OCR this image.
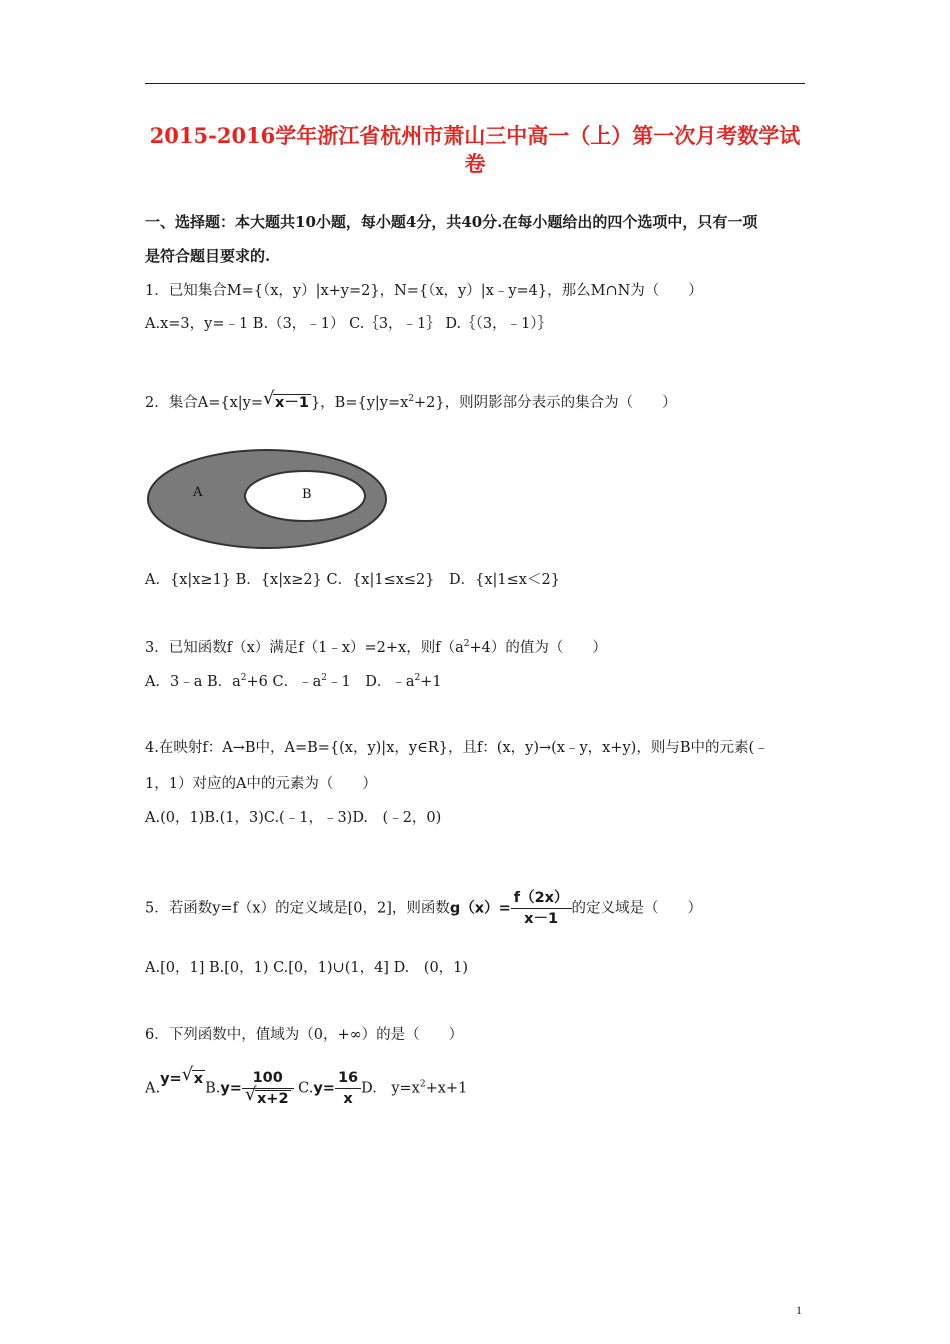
2015-2016学年浙江省杭州市萧山三中高一（上）第一次月考数学试
卷
一、选择题：本大题共10小题，每小题4分，共40分.在每小题给出的四个选项中，只有一项
是符合题目要求的.
1．已知集合M={（x，y）|x+y=2}，N={（x，y）|x﹣y=4}，那么M∩N为（　　）
A.x=3，y=﹣1 B.（3，﹣1） C.｛3，﹣1｝ D.｛（3，﹣1）｝
2．集合A={x|y= √ x－1 }，$B=\{y|y=x^2+2\}$，则阴影部分表示的集合为（　　）
A	B
A．{x|x≥1} B．{x|x≥2} C．{x|1≤x≤2}　D．{x|1≤x＜2}
3．已知函数f（x）满足f（1﹣x）=2+x，则$f(a^2+4)$的值为（　　）
A．3﹣a B．$a^2+6$ C．$﹣a^2﹣1$　D．$﹣a^2+1$
4.在映射f：A→B中，A=B={(x，y)|x，y∈R}，且f：(x，y)→(x﹣y，x+y)，则与B中的元素(﹣
1，1）对应的A中的元素为（　　）
A.(0，1)B.(1，3)C.(﹣1，﹣3)D.　(﹣2，0)
5．若函数y=f（x）的定义域是[0，2]，则函数$g(x)= \frac{f(2x)}{x-1}$ 的定义域是（　　）
A.[0，1] B.[0，1) C.[0，1)∪(1，4] D.　(0，1)
6．下列函数中，值域为（0，+∞）的是（　　）
A.y= √ $xB.y= \frac{100}{√ x+2} C.y= \frac{16}{x} D$.　$y=x^2+x+1$
1
